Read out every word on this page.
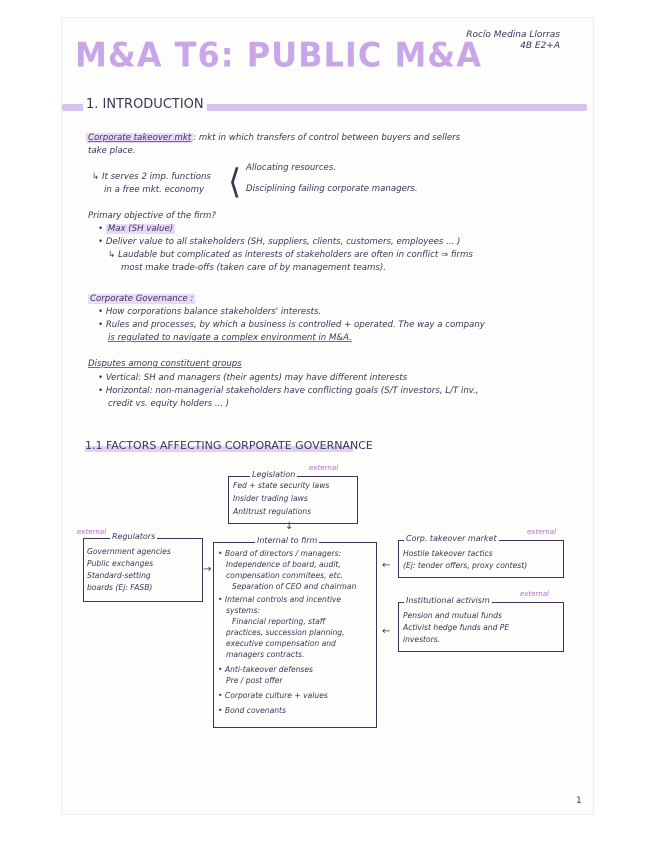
M&A T6: PUBLIC M&A
Rocío Medina Llorras
4B E2+A
1. INTRODUCTION
Corporate takeover mkt : mkt in which transfers of control between buyers and sellers
take place.
↳ It serves 2 imp. functions
in a free mkt. economy ⟨ Allocating resources.
Disciplining failing corporate managers.
Primary objective of the firm?
• Max (SH value)
• Deliver value to all stakeholders (SH, suppliers, clients, customers, employees ... )
↳ Laudable but complicated as interests of stakeholders are often in conflict ⇒ firms
most make trade-offs (taken care of by management teams).
Corporate Governance :
• How corporations balance stakeholders' interests.
• Rules and processes, by which a business is controlled + operated. The way a company
is regulated to navigate a complex environment in M&A.
Disputes among constituent groups
• Vertical: SH and managers (their agents) may have different interests
• Horizontal: non-managerial stakeholders have conflicting goals (S/T investors, L/T inv.,
credit vs. equity holders ... )
1.1 FACTORS AFFECTING CORPORATE GOVERNANCE
Fed + state security laws
Insider trading laws
Antitrust regulations
Legislation
external
↓
Government agencies
Public exchanges
Standard-setting
boards (Ej: FASB)
Regulators
external
→
• Board of directors / managers:
Independence of board, audit,
compensation commitees, etc.
Separation of CEO and chairman
• Internal controls and incentive
systems:
Financial reporting, staff
practices, succession planning,
executive compensation and
managers contracts.
• Anti-takeover defenses
Pre / post offer
• Corporate culture + values
• Bond covenants
Internal to firm
Hostile takeover tactics
(Ej: tender offers, proxy contest)
Corp. takeover market
external
←
Pension and mutual funds
Activist hedge funds and PE
investors.
Institutional activism
external
←
1
